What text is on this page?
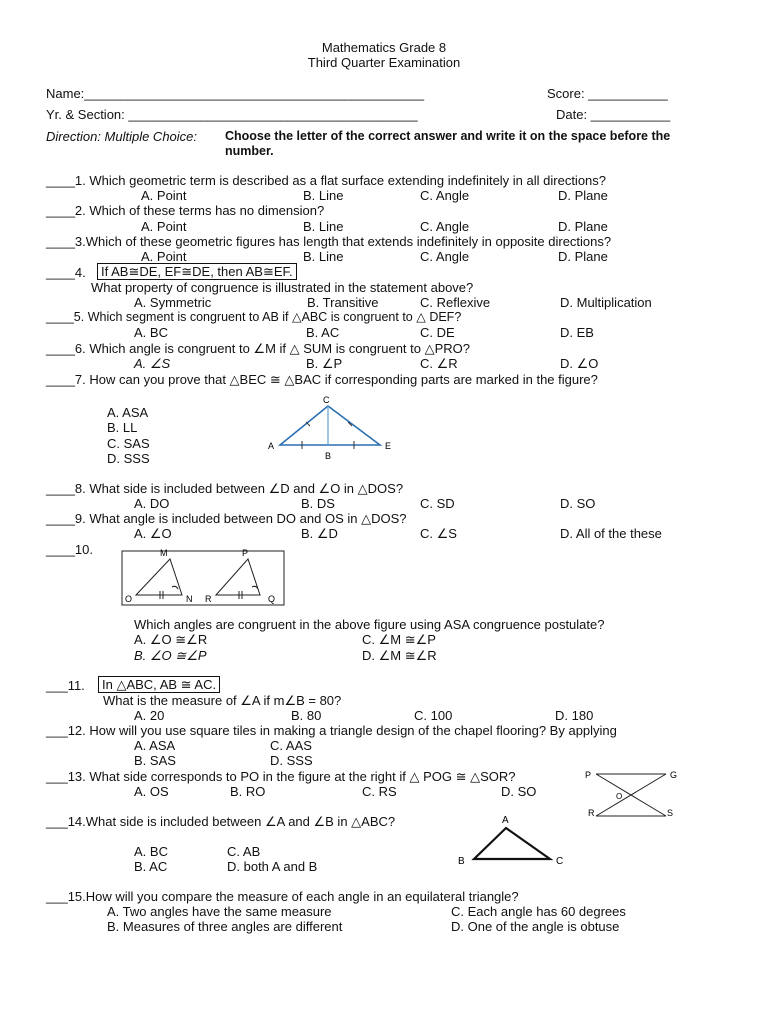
Mathematics Grade 8
Third Quarter Examination
Name:_______________________________________________	Score: ___________
Yr. & Section: ________________________________________	Date: ___________
Direction: Multiple Choice: Choose the letter of the correct answer and write it on the space before the
number.
____1. Which geometric term is described as a flat surface extending indefinitely in all directions?
A. Point	B. Line	C. Angle	D. Plane
____2. Which of these terms has no dimension?
A. Point	B. Line	C. Angle	D. Plane
____3.Which of these geometric figures has length that extends indefinitely in opposite directions?
A. Point	B. Line	C. Angle	D. Plane
____4.	If AB≅DE, EF≅DE, then AB≅EF.
What property of congruence is illustrated in the statement above?
A. Symmetric	B. Transitive	C. Reflexive	D. Multiplication
____5. Which segment is congruent to AB if △ABC is congruent to △ DEF?
A. BC	B. AC	C. DE	D. EB
____6. Which angle is congruent to ∠M if △ SUM is congruent to △PRO?
A. ∠S	B. ∠P	C. ∠R	D. ∠O
____7. How can you prove that △BEC ≅ △BAC if corresponding parts are marked in the figure?
A. ASA
B. LL
C. SAS
D. SSS
C
A
B
E
____8. What side is included between ∠D and ∠O in △DOS?
A. DO	B. DS	C. SD	D. SO
____9. What angle is included between DO and OS in △DOS?
A. ∠O	B. ∠D	C. ∠S	D. All of the these
____10.	M	P
O	N R	Q
Which angles are congruent in the above figure using ASA congruence postulate?
A. ∠O ≅∠R
B. ∠O ≅∠P
C. ∠M ≅∠P
D. ∠M ≅∠R
___11.	In △ABC, AB ≅ AC.
What is the measure of ∠A if m∠B = 80?
A. 20	B. 80	C. 100	D. 180
___12. How will you use square tiles in making a triangle design of the chapel flooring? By applying
A. ASA
B. SAS
C. AAS
D. SSS
___13. What side corresponds to PO in the figure at the right if △ POG ≅ △SOR?
A. OS	B. RO	C. RS	D. SO
P	G
O
R	S
___14.What side is included between ∠A and ∠B in △ABC?
A. BC
B. AC
C. AB
D. both A and B
A
B	C
___15.How will you compare the measure of each angle in an equilateral triangle?
A. Two angles have the same measure
B. Measures of three angles are different
C. Each angle has 60 degrees
D. One of the angle is obtuse
